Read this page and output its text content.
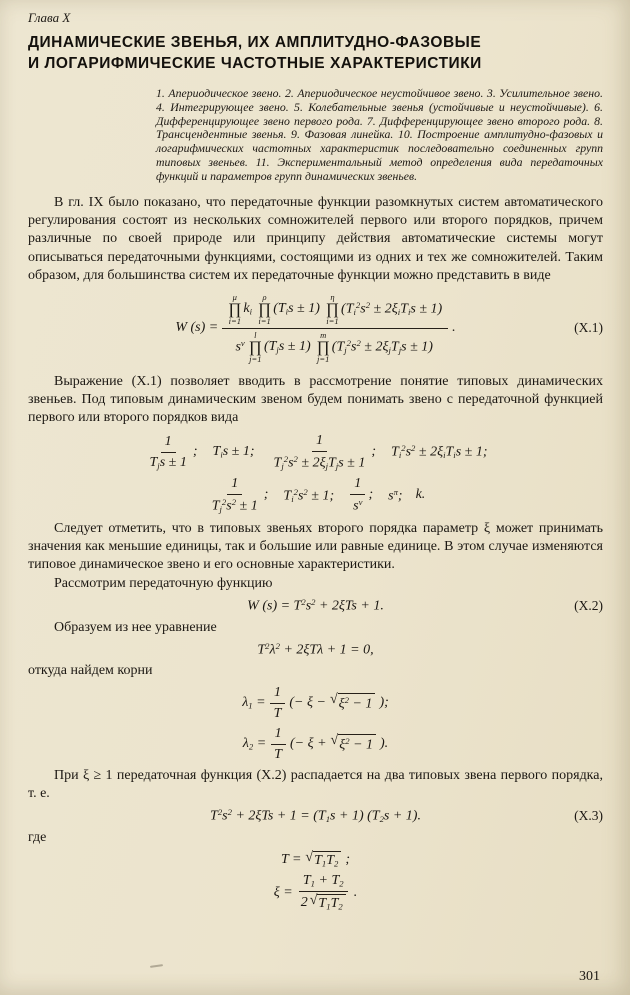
Глава X
ДИНАМИЧЕСКИЕ ЗВЕНЬЯ, ИХ АМПЛИТУДНО-ФАЗОВЫЕ
И ЛОГАРИФМИЧЕСКИЕ ЧАСТОТНЫЕ ХАРАКТЕРИСТИКИ
1. Апериодическое звено. 2. Апериодическое неустойчивое звено. 3. Усилительное звено. 4. Интегрирующее звено. 5. Колебательные звенья (устойчивые и неустойчивые). 6. Дифференцирующее звено первого рода. 7. Дифференцирующее звено второго рода. 8. Трансцендентные звенья. 9. Фазовая линейка. 10. Построение амплитудно-фазовых и логарифмических частотных характеристик последовательно соединенных групп типовых звеньев. 11. Экспериментальный метод определения вида передаточных функций и параметров групп динамических звеньев.

В гл. IX было показано, что передаточные функции разомкнутых систем автоматического регулирования состоят из нескольких сомножителей первого или второго порядков, причем различные по своей природе или принципу действия автоматические системы могут описываться передаточными функциями, состоящими из одних и тех же сомножителей. Таким образом, для большинства систем их передаточные функции можно представить в виде

W (s) =
μ
∏
i=1
$k_i$
ρ
∏
i=1
$(T_is \pm 1)$
η
∏
i=1
$(T_i^2s^2 \pm 2\xi_iT_is \pm 1)$
$s^\nu$
l
∏
j=1
$(T_js \pm 1)$
m
∏
j=1
$(T_j^2s^2 \pm 2\xi_jT_js \pm 1)$
.	(X.1)

Выражение (X.1) позволяет вводить в рассмотрение понятие типовых динамических звеньев. Под типовым динамическим звеном будем понимать звено с передаточной функцией первого или второго порядков вида

$\frac{1}{T_js \pm 1}$ ; $T_is \pm 1$; $\frac{1}{T_j^2s^2 \pm 2\xi_jT_js \pm 1}$ ; $T_i^2s^2 \pm 2\xi_iT_is \pm 1$;
$\frac{1}{T_j^2s^2 \pm 1}$ ; $T_i^2s^2 \pm 1$; $\frac{1}{s^\nu}$ ; $s^\pi$; k.

Следует отметить, что в типовых звеньях второго порядка параметр ξ может принимать значения как меньшие единицы, так и большие или равные единице. В этом случае изменяются типовое динамическое звено и его основные характеристики.

Рассмотрим передаточную функцию

W $(s) = T^2s^2 + 2\xi Ts + 1$.	(X.2)

Образуем из нее уравнение

$T^2\lambda^2 + 2\xi T\lambda + 1 = 0$,

откуда найдем корни

$\lambda_1 = \frac{1}{T}$ (− ξ − √ $\xi^2 - 1$ );
$\lambda_2 = \frac{1}{T}$ (− ξ + √ $\xi^2 - 1$ ).

При ξ ≥ 1 передаточная функция (X.2) распадается на два типовых звена первого порядка, т. е.

$T^2s^2 + 2\xi Ts + 1 = (T_1s + 1) (T_2s + 1)$.	(X.3)

где

T = √ $T_1T_2$ ;
$\xi = \frac{T_1 + T_2}{2 √ T_1T_2}$ .
301
